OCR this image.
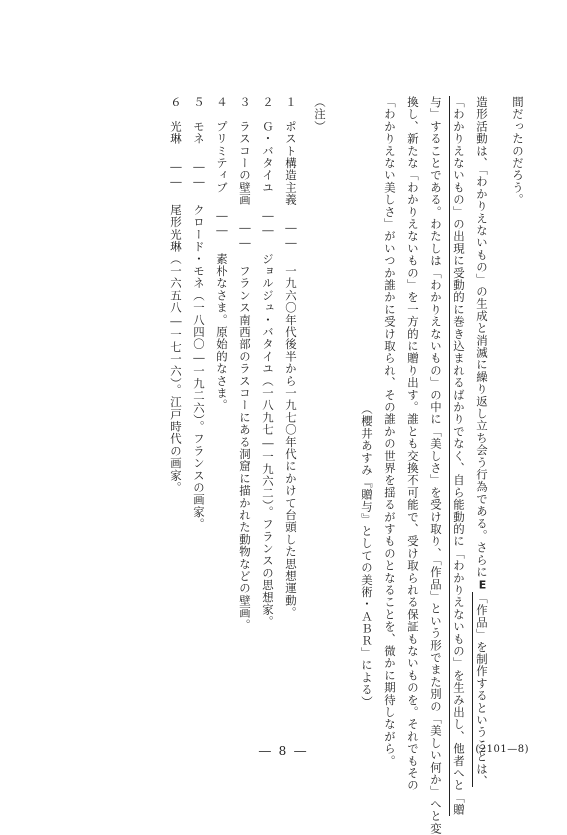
間だったのだろう。
造形活動は、「わかりえないもの」の生成と消滅に繰り返し立ち会う行為である。さらにE「作品」を制作するということは、
「わかりえないもの」の出現に受動的に巻き込まれるばかりでなく、自ら能動的に「わかりえないもの」を生み出し、他者へと「贈
与」することである。わたしは「わかりえないもの」の中に「美しさ」を受け取り、「作品」という形でまた別の「美しい何か」へと変
換し、新たな「わかりえないもの」を一方的に贈り出す。誰とも交換不可能で、受け取られる保証もないものを。それでもその
「わかりえない美しさ」がいつか誰かに受け取られ、その誰かの世界を揺るがすものとなることを、微かに期待しながら。
（櫻井あすみ『贈与』としての美術・ＡＢＲ」による）
（注）
１　ポスト構造主義 ―― 一九六〇年代後半から一九七〇年代にかけて台頭した思想運動。
２　Ｇ・バタイユ ―― ジョルジュ・バタイユ（一八九七―一九六二）。フランスの思想家。
３　ラスコーの壁画 ―― フランス南西部のラスコーにある洞窟に描かれた動物などの壁画。
４　プリミティブ ―― 素朴なさま。原始的なさま。
５　モネ ―― クロード・モネ（一八四〇―一九二六）。フランスの画家。
６　光琳 ―― 尾形光琳（一六五八―一七一六）。江戸時代の画家。
― 8 ―	(2101—8)
